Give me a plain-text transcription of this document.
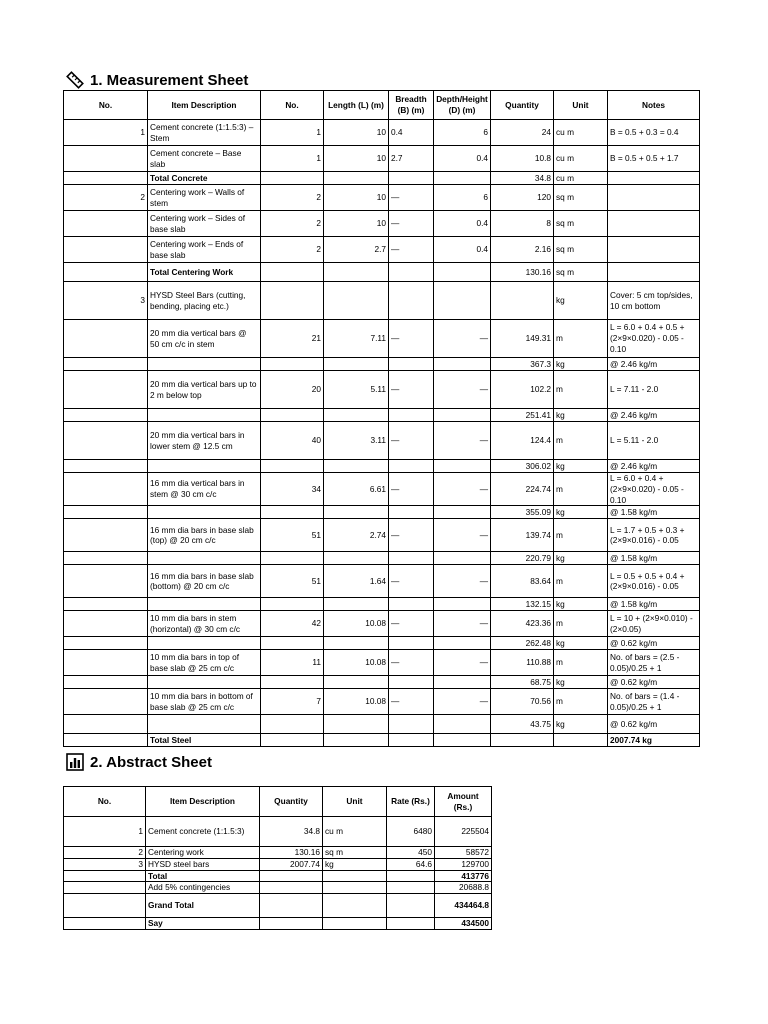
1. Measurement Sheet
No.	Item Description	No.	Length (L) (m)	Breadth (B) (m)	Depth/Height (D) (m)	Quantity	Unit	Notes
1	Cement concrete (1:1.5:3) – Stem	1	10	0.4	6	24	cu m	B = 0.5 + 0.3 = 0.4
	Cement concrete – Base slab	1	10	2.7	0.4	10.8	cu m	B = 0.5 + 0.5 + 1.7
	Total Concrete					34.8	cu m	
2	Centering work – Walls of stem	2	10	—	6	120	sq m	
	Centering work – Sides of base slab	2	10	—	0.4	8	sq m	
	Centering work – Ends of base slab	2	2.7	—	0.4	2.16	sq m	
	Total Centering Work					130.16	sq m	
3	HYSD Steel Bars (cutting, bending, placing etc.)						kg	Cover: 5 cm top/sides, 10 cm bottom
	20 mm dia vertical bars @ 50 cm c/c in stem	21	7.11	—	—	149.31	m	L = 6.0 + 0.4 + 0.5 + (2×9×0.020) - 0.05 - 0.10
						367.3	kg	@ 2.46 kg/m
	20 mm dia vertical bars up to 2 m below top	20	5.11	—	—	102.2	m	L = 7.11 - 2.0
						251.41	kg	@ 2.46 kg/m
	20 mm dia vertical bars in lower stem @ 12.5 cm	40	3.11	—	—	124.4	m	L = 5.11 - 2.0
						306.02	kg	@ 2.46 kg/m
	16 mm dia vertical bars in stem @ 30 cm c/c	34	6.61	—	—	224.74	m	L = 6.0 + 0.4 + (2×9×0.020) - 0.05 - 0.10
						355.09	kg	@ 1.58 kg/m
	16 mm dia bars in base slab (top) @ 20 cm c/c	51	2.74	—	—	139.74	m	L = 1.7 + 0.5 + 0.3 + (2×9×0.016) - 0.05
						220.79	kg	@ 1.58 kg/m
	16 mm dia bars in base slab (bottom) @ 20 cm c/c	51	1.64	—	—	83.64	m	L = 0.5 + 0.5 + 0.4 + (2×9×0.016) - 0.05
						132.15	kg	@ 1.58 kg/m
	10 mm dia bars in stem (horizontal) @ 30 cm c/c	42	10.08	—	—	423.36	m	L = 10 + (2×9×0.010) - (2×0.05)
						262.48	kg	@ 0.62 kg/m
	10 mm dia bars in top of base slab @ 25 cm c/c	11	10.08	—	—	110.88	m	No. of bars = (2.5 - 0.05)/0.25 + 1
						68.75	kg	@ 0.62 kg/m
	10 mm dia bars in bottom of base slab @ 25 cm c/c	7	10.08	—	—	70.56	m	No. of bars = (1.4 - 0.05)/0.25 + 1
						43.75	kg	@ 0.62 kg/m
	Total Steel							2007.74 kg
2. Abstract Sheet
No.	Item Description	Quantity	Unit	Rate (Rs.)	Amount (Rs.)
1	Cement concrete (1:1.5:3)	34.8	cu m	6480	225504
2	Centering work	130.16	sq m	450	58572
3	HYSD steel bars	2007.74	kg	64.6	129700
	Total				413776
	Add 5% contingencies				20688.8
	Grand Total				434464.8
	Say				434500
